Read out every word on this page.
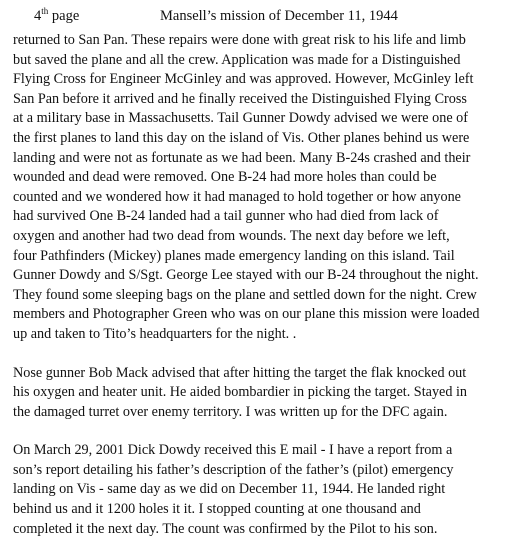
4th page	Mansell’s mission of December 11, 1944
returned to San Pan. These repairs were done with great risk to his life and limb
but saved the plane and all the crew. Application was made for a Distinguished
Flying Cross for Engineer McGinley and was approved. However, McGinley left
San Pan before it arrived and he finally received the Distinguished Flying Cross
at a military base in Massachusetts. Tail Gunner Dowdy advised we were one of
the first planes to land this day on the island of Vis. Other planes behind us were
landing and were not as fortunate as we had been. Many B-24s crashed and their
wounded and dead were removed. One B-24 had more holes than could be
counted and we wondered how it had managed to hold together or how anyone
had survived One B-24 landed had a tail gunner who had died from lack of
oxygen and another had two dead from wounds. The next day before we left,
four Pathfinders (Mickey) planes made emergency landing on this island. Tail
Gunner Dowdy and S/Sgt. George Lee stayed with our B-24 throughout the night.
They found some sleeping bags on the plane and settled down for the night. Crew
members and Photographer Green who was on our plane this mission were loaded
up and taken to Tito’s headquarters for the night. .
Nose gunner Bob Mack advised that after hitting the target the flak knocked out
his oxygen and heater unit. He aided bombardier in picking the target. Stayed in
the damaged turret over enemy territory. I was written up for the DFC again.
On March 29, 2001 Dick Dowdy received this E mail - I have a report from a
son’s report detailing his father’s description of the father’s (pilot) emergency
landing on Vis - same day as we did on December 11, 1944. He landed right
behind us and it 1200 holes it it. I stopped counting at one thousand and
completed it the next day. The count was confirmed by the Pilot to his son.
